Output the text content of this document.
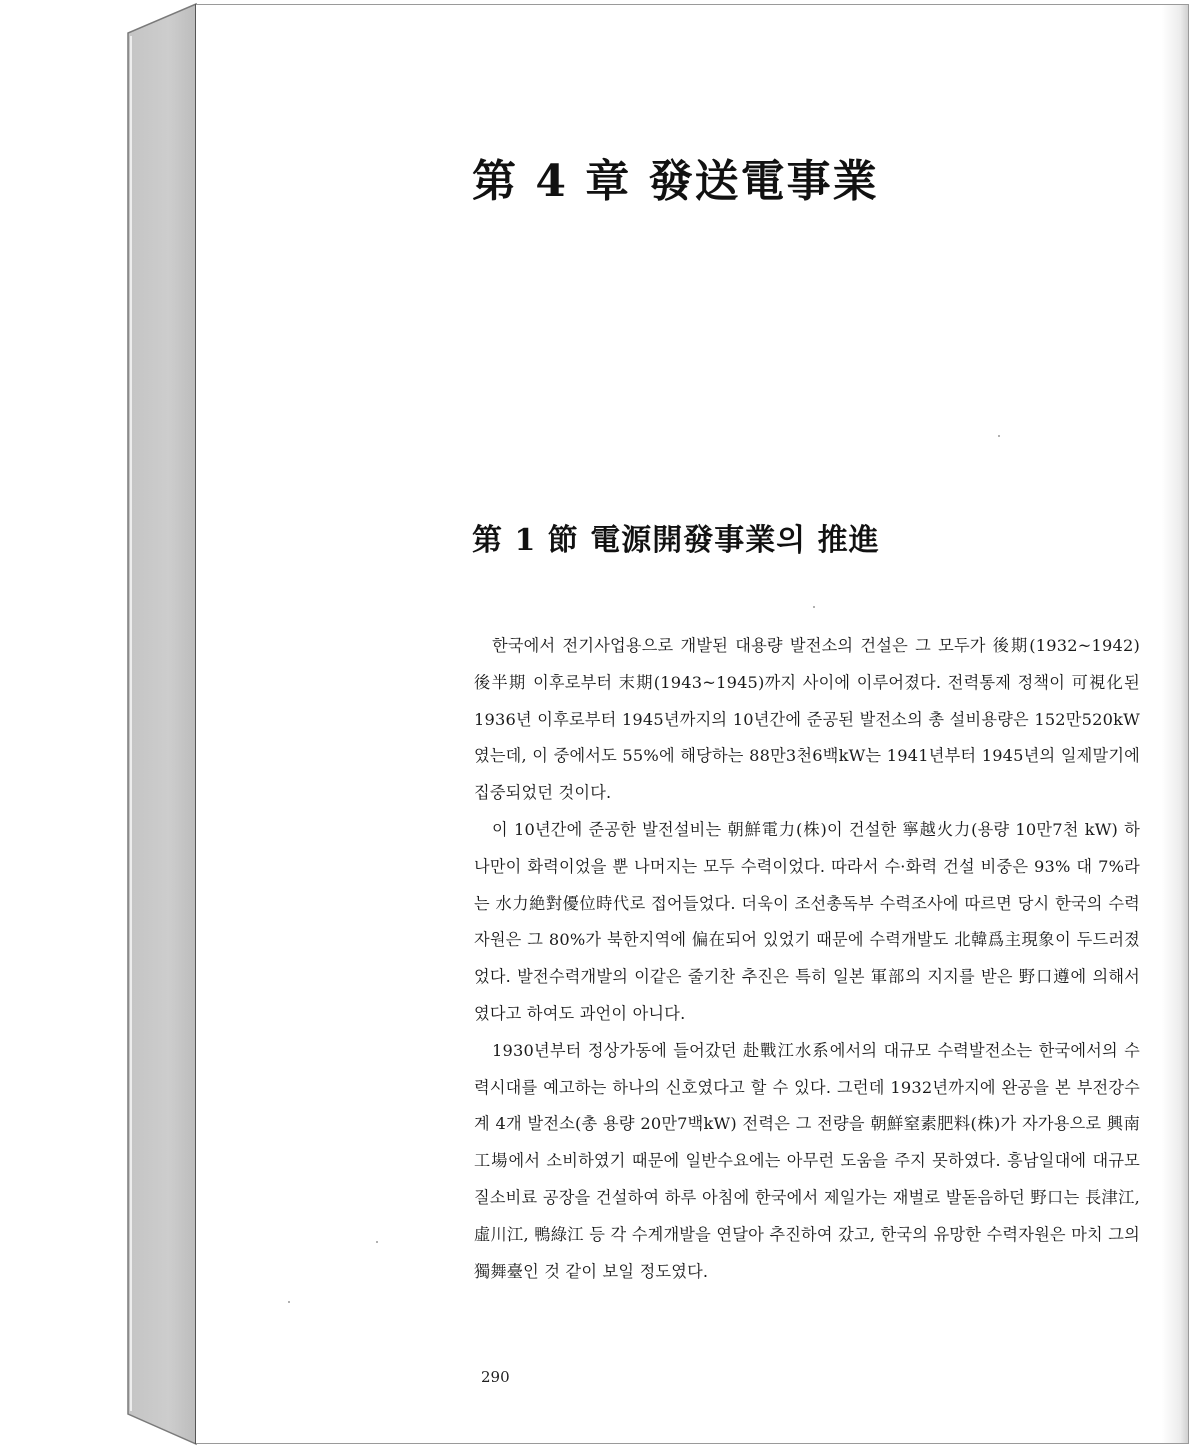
第 4 章 發送電事業
第 1 節 電源開發事業의 推進

한국에서 전기사업용으로 개발된 대용량 발전소의 건설은 그 모두가 後期(1932~1942) 後半期 이후로부터 末期(1943~1945)까지 사이에 이루어졌다. 전력통제 정책이 可視化된 1936년 이후로부터 1945년까지의 10년간에 준공된 발전소의 총 설비용량은 152만520kW였는데, 이 중에서도 55%에 해당하는 88만3천6백kW는 1941년부터 1945년의 일제말기에 집중되었던 것이다.

이 10년간에 준공한 발전설비는 朝鮮電力(株)이 건설한 寧越火力(용량 10만7천 kW) 하나만이 화력이었을 뿐 나머지는 모두 수력이었다. 따라서 수·화력 건설 비중은 93% 대 7%라는 水力絶對優位時代로 접어들었다. 더욱이 조선총독부 수력조사에 따르면 당시 한국의 수력자원은 그 80%가 북한지역에 偏在되어 있었기 때문에 수력개발도 北韓爲主現象이 두드러졌었다. 발전수력개발의 이같은 줄기찬 추진은 특히 일본 軍部의 지지를 받은 野口遵에 의해서였다고 하여도 과언이 아니다.

1930년부터 정상가동에 들어갔던 赴戰江水系에서의 대규모 수력발전소는 한국에서의 수력시대를 예고하는 하나의 신호였다고 할 수 있다. 그런데 1932년까지에 완공을 본 부전강수계 4개 발전소(총 용량 20만7백kW) 전력은 그 전량을 朝鮮窒素肥料(株)가 자가용으로 興南工場에서 소비하였기 때문에 일반수요에는 아무런 도움을 주지 못하였다. 흥남일대에 대규모 질소비료 공장을 건설하여 하루 아침에 한국에서 제일가는 재벌로 발돋음하던 野口는 長津江, 虛川江, 鴨綠江 등 각 수계개발을 연달아 추진하여 갔고, 한국의 유망한 수력자원은 마치 그의 獨舞臺인 것 같이 보일 정도였다.

290
